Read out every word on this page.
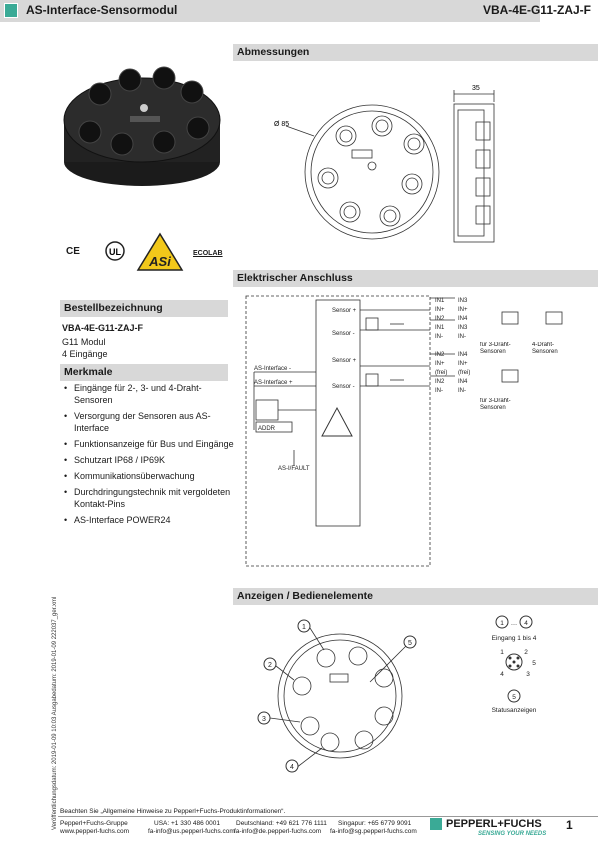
AS-Interface-Sensormodul	VBA-4E-G11-ZAJ-F
CE	UL
ASi
ECOLAB
Abmessungen
Elektrischer Anschluss
Bestellbezeichnung
Merkmale
Anzeigen / Bedienelemente
VBA-4E-G11-ZAJ-F
G11 Modul
4 Eingänge
• Eingänge für 2-, 3- und 4-Draht-Sensoren
• Versorgung der Sensoren aus AS-Interface
• Funktionsanzeige für Bus und Eingänge
• Schutzart IP68 / IP69K
• Kommunikationsüberwachung
• Durchdringungstechnik mit vergoldeten Kontakt-Pins
• AS-Interface POWER24
Ø 85
35
Sensor +
Sensor -
Sensor +
Sensor -
AS-Interface -
AS-Interface +
ADDR
AS-I/FAULT
IN1
IN+
IN2
IN1
IN-
IN2
IN+
(frei)
IN2
IN-
IN3
IN+
IN4
IN3
IN-
IN4
IN+
(frei)
IN4
IN-
für 3-Draht-Sensoren
4-Draht-Sensoren
für 3-Draht-Sensoren
1
2
3
4
5
1 … 4
Eingang 1 bis 4
1	2
3
4
5
5
Statusanzeigen
Veröffentlichungsdatum: 2019-01-09 10:03 Ausgabedatum: 2019-01-09 222037_ger.xml Beachten Sie „Allgemeine Hinweise zu Pepperl+Fuchs-Produktinformationen“.
Pepperl+Fuchs-Gruppe
www.pepperl-fuchs.com
USA: +1 330 486 0001
fa-info@us.pepperl-fuchs.com
Deutschland: +49 621 776 1111
fa-info@de.pepperl-fuchs.com
Singapur: +65 6779 9091
fa-info@sg.pepperl-fuchs.com
PEPPERL+FUCHS
SENSING YOUR NEEDS
1
